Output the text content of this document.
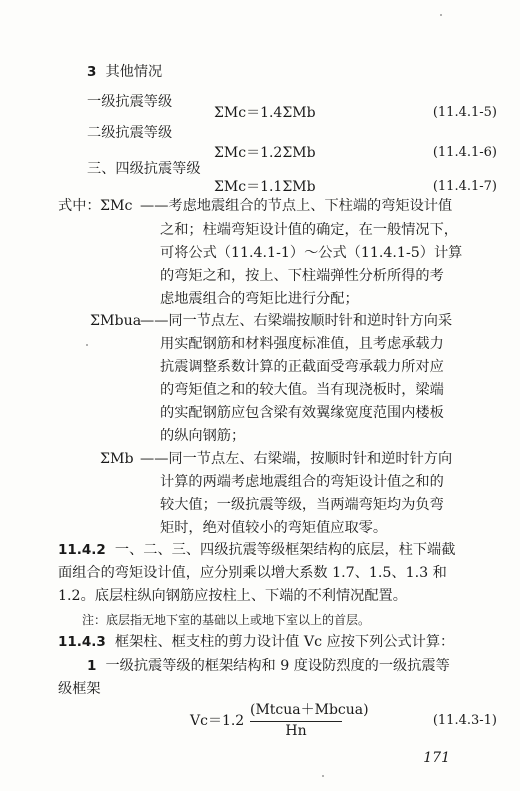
3 其他情况
一级抗震等级
ΣMc＝1.4ΣMb	(11.4.1-5)
二级抗震等级
ΣMc＝1.2ΣMb	(11.4.1-6)
三、四级抗震等级
ΣMc＝1.1ΣMb	(11.4.1-7)
式中： ΣMc ——考虑地震组合的节点上、下柱端的弯矩设计值
之和；柱端弯矩设计值的确定，在一般情况下，
可将公式（11.4.1-1）～公式（11.4.1-5）计算
的弯矩之和，按上、下柱端弹性分析所得的考
虑地震组合的弯矩比进行分配；
ΣMbua
——同一节点左、右梁端按顺时针和逆时针方向采
用实配钢筋和材料强度标准值，且考虑承载力
抗震调整系数计算的正截面受弯承载力所对应
的弯矩值之和的较大值。当有现浇板时，梁端
的实配钢筋应包含梁有效翼缘宽度范围内楼板
的纵向钢筋；
ΣMb ——同一节点左、右梁端，按顺时针和逆时针方向
计算的两端考虑地震组合的弯矩设计值之和的
较大值；一级抗震等级，当两端弯矩均为负弯
矩时，绝对值较小的弯矩值应取零。
11.4.2 一、二、三、四级抗震等级框架结构的底层，柱下端截
面组合的弯矩设计值，应分别乘以增大系数 1.7、1.5、1.3 和
1.2。底层柱纵向钢筋应按柱上、下端的不利情况配置。
注：底层指无地下室的基础以上或地下室以上的首层。
11.4.3 框架柱、框支柱的剪力设计值 Vc 应按下列公式计算：
1 一级抗震等级的框架结构和 9 度设防烈度的一级抗震等
级框架
Vc＝1.2
(Mtcua＋Mbcua)
Hn
(11.4.3-1)
171
